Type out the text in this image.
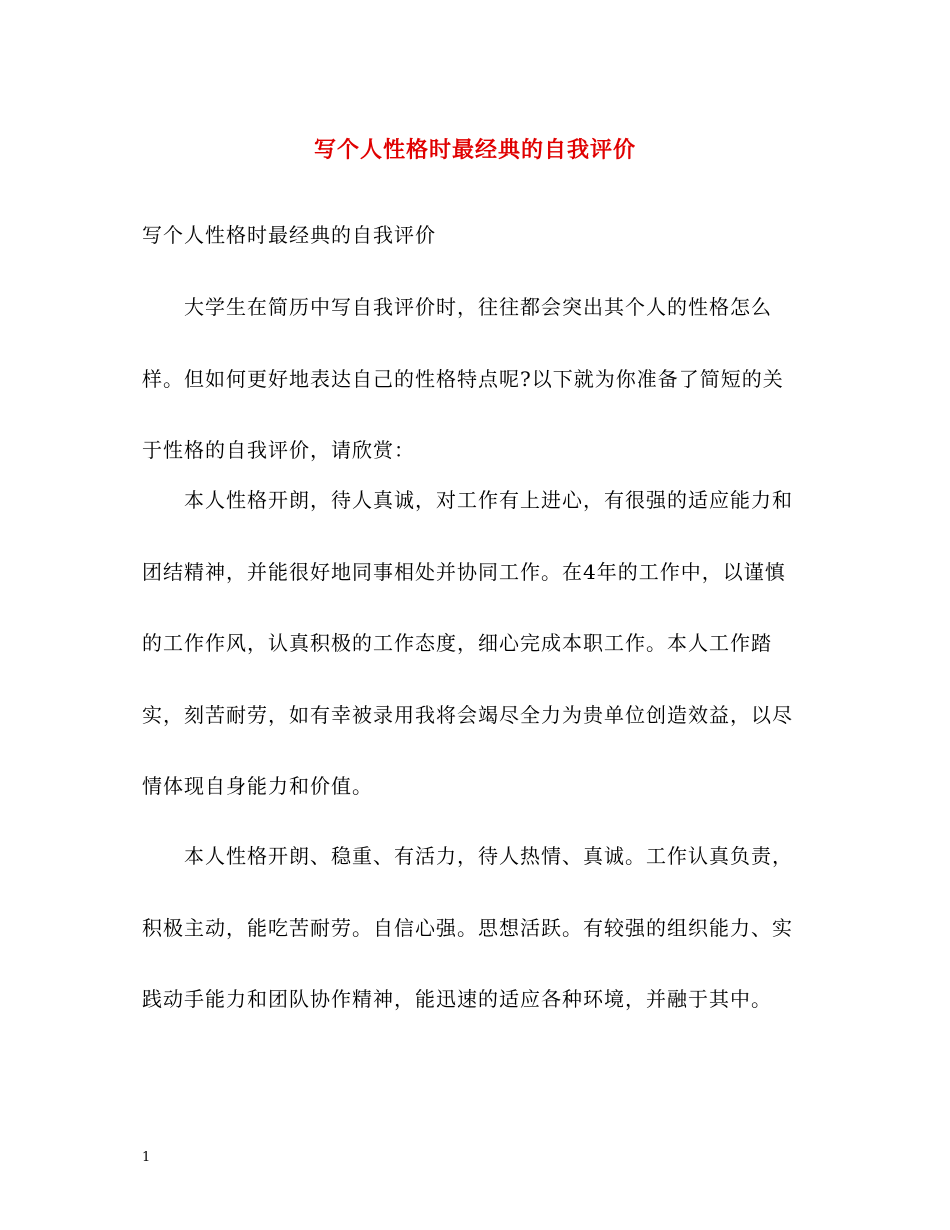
写个人性格时最经典的自我评价
写个人性格时最经典的自我评价
大学生在简历中写自我评价时，往往都会突出其个人的性格怎么样。但如何更好地表达自己的性格特点呢?以下就为你准备了简短的关于性格的自我评价，请欣赏：
本人性格开朗，待人真诚，对工作有上进心，有很强的适应能力和团结精神，并能很好地同事相处并协同工作。在4年的工作中，以谨慎的工作作风，认真积极的工作态度，细心完成本职工作。本人工作踏实，刻苦耐劳，如有幸被录用我将会竭尽全力为贵单位创造效益，以尽情体现自身能力和价值。
本人性格开朗、稳重、有活力，待人热情、真诚。工作认真负责，积极主动，能吃苦耐劳。自信心强。思想活跃。有较强的组织能力、实践动手能力和团队协作精神，能迅速的适应各种环境，并融于其中。
1
